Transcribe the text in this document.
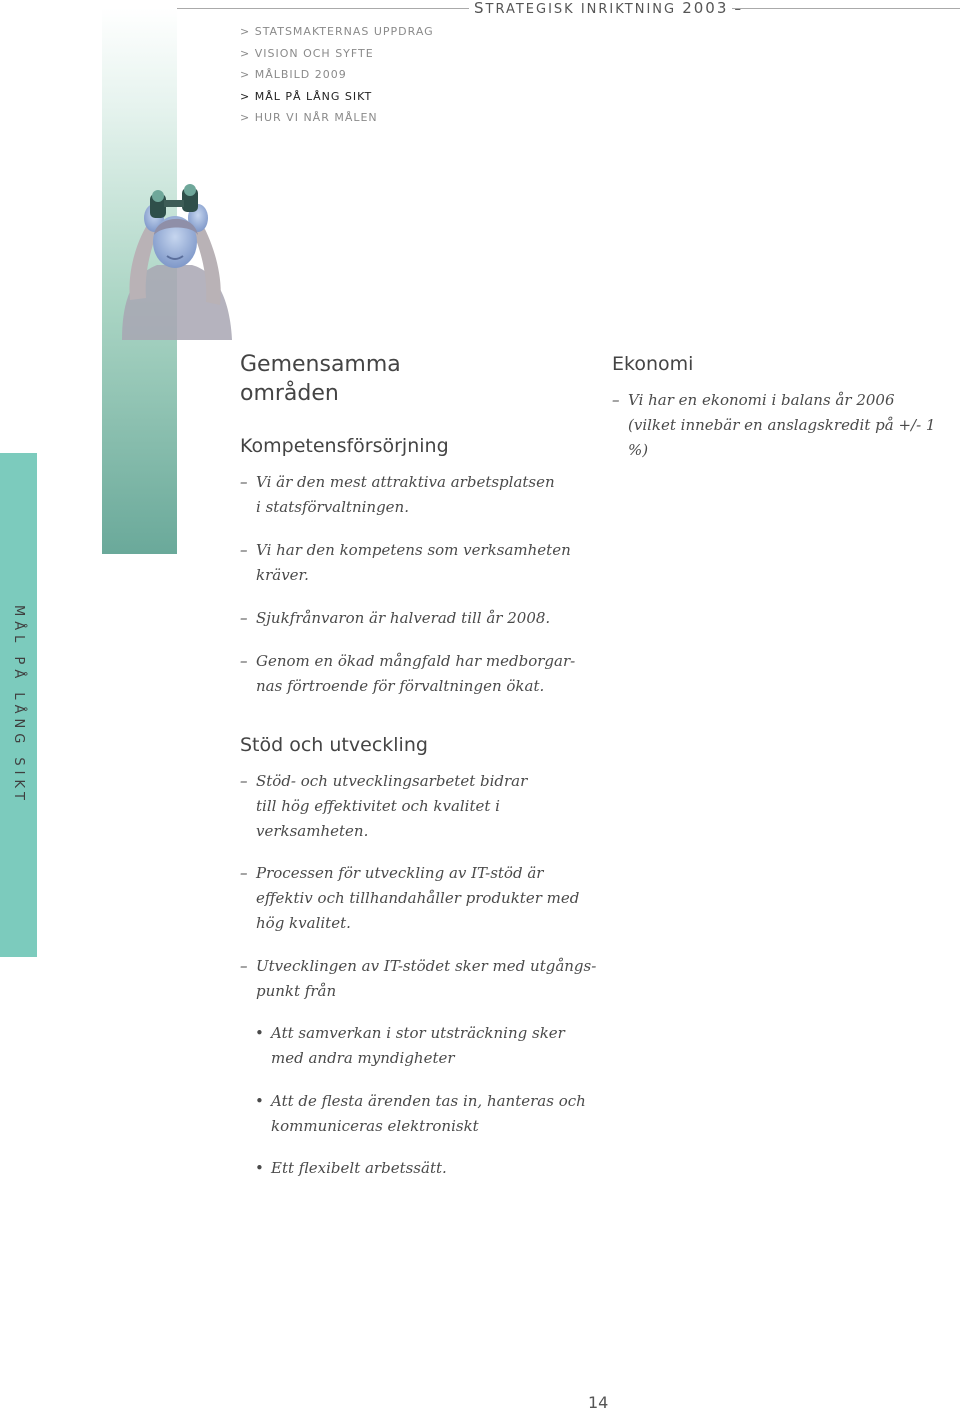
MÅL PÅ LÅNG SIKT
STRATEGISK INRIKTNING 2003 –
> STATSMAKTERNAS UPPDRAG
> VISION OCH SYFTE
> MÅLBILD 2009
> MÅL PÅ LÅNG SIKT
> HUR VI NÅR MÅLEN
Gemensamma
områden
Kompetensförsörjning
– Vi är den mest attraktiva arbetsplatsen
i statsförvaltningen.
– Vi har den kompetens som verksamheten
kräver.
– Sjukfrånvaron är halverad till år 2008.
– Genom en ökad mångfald har medborgar-
nas förtroende för förvaltningen ökat.
Stöd och utveckling
– Stöd- och utvecklingsarbetet bidrar
till hög effektivitet och kvalitet i
verksamheten.
– Processen för utveckling av IT-stöd är
effektiv och tillhandahåller produkter med
hög kvalitet.
– Utvecklingen av IT-stödet sker med utgångs-
punkt från
• Att samverkan i stor utsträckning sker
med andra myndigheter
• Att de flesta ärenden tas in, hanteras och
kommuniceras elektroniskt
• Ett flexibelt arbetssätt.
Ekonomi
– Vi har en ekonomi i balans år 2006
(vilket innebär en anslagskredit på +/- 1 %)
14
